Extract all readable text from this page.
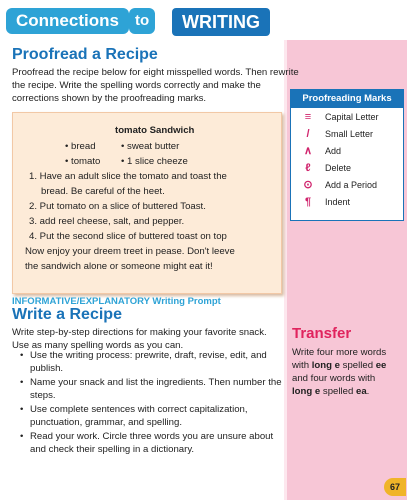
Connections	to	WRITING
Proofread a Recipe

Proofread the recipe below for eight misspelled words. Then rewrite the recipe. Write the spelling words correctly and make the corrections shown by the proofreading marks.	Proofreading Marks
≡	Capital Letter
/	Small Letter
∧	Add
ℓ	Delete
⊙	Add a Period
¶	Indent

tomato Sandwich

• bread	• sweat butter
• tomato • 1 slice cheeze

1. Have an adult slice the tomato and toast the

bread. Be careful of the heet.

2. Put tomato on a slice of buttered Toast.

3. add reel cheese, salt, and pepper.

4. Put the second slice of buttered toast on top

Now enjoy your dreem treet in pease. Don't leeve

the sandwich alone or someone might eat it!

INFORMATIVE/EXPLANATORY Writing Prompt

Write a Recipe

Write step-by-step directions for making your favorite snack. Use as many spelling words as you can.

• Use the writing process: prewrite, draft, revise, edit, and publish.
• Name your snack and list the ingredients. Then number the steps.
• Use complete sentences with correct capitalization, punctuation, grammar, and spelling.
• Read your work. Circle three words you are unsure about and check their spelling in a dictionary.
Transfer

Write four more words with long e spelled ee and four words with long e spelled ea.

67
